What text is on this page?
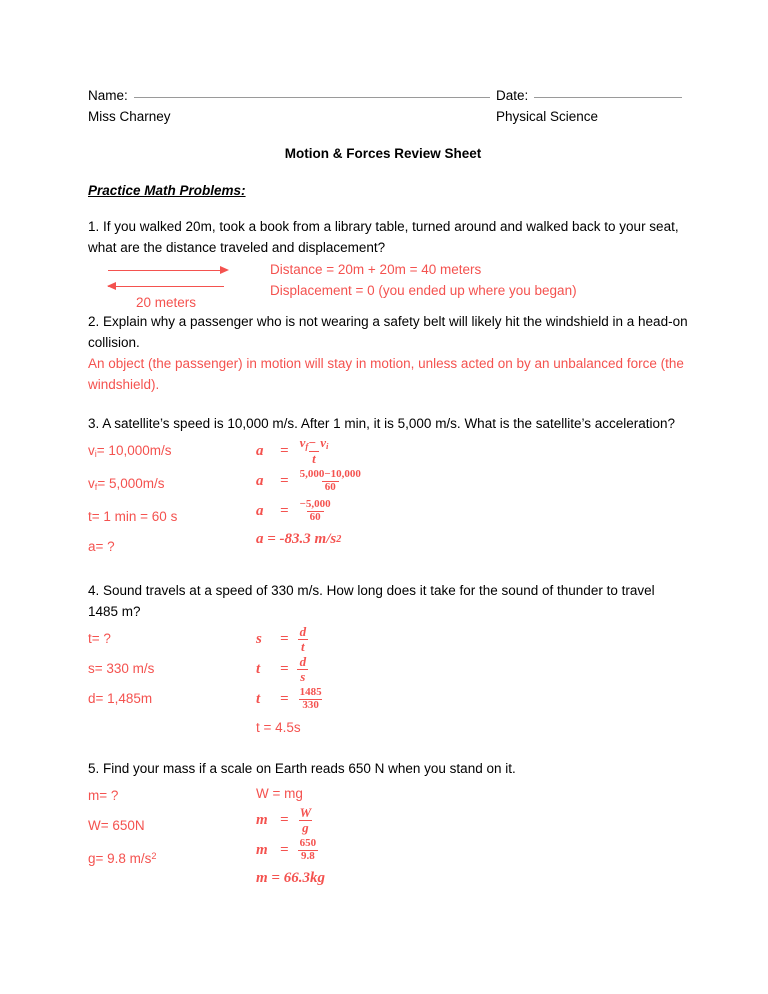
Name:	Date:
Miss Charney	Physical Science
Motion & Forces Review Sheet
Practice Math Problems:
1. If you walked 20m, took a book from a library table, turned around and walked back to your seat, what are the distance traveled and displacement?
20 meters
Distance = 20m + 20m = 40 meters
Displacement = 0 (you ended up where you began)
2. Explain why a passenger who is not wearing a safety belt will likely hit the windshield in a head-on collision.
An object (the passenger) in motion will stay in motion, unless acted on by an unbalanced force (the windshield).
3. A satellite’s speed is 10,000 m/s. After 1 min, it is 5,000 m/s. What is the satellite’s acceleration?
$v_i= 10,000m/s$
$v_f= 5,000m/s$
t= 1 min = 60 s
a= ?
a	= $\frac{v_f- v_i}{t}$
a	= $\frac{5,000-10,000}{60}$
a	= $\frac{-5,000}{60}$
a = -83.3 m/s 2
4. Sound travels at a speed of 330 m/s. How long does it take for the sound of thunder to travel 1485 m?
t= ?
s= 330 m/s
d= 1,485m
s	= $\frac{d}{t}$
t	= $\frac{d}{s}$
t	= $\frac{1485}{330}$
t = 4.5s
5. Find your mass if a scale on Earth reads 650 N when you stand on it.
m= ?
W= 650N
g= 9.8 $m/s^2$
W = mg
$m = \frac{W}{g}$
$m = \frac{650}{9.8}$
m = 66.3kg
